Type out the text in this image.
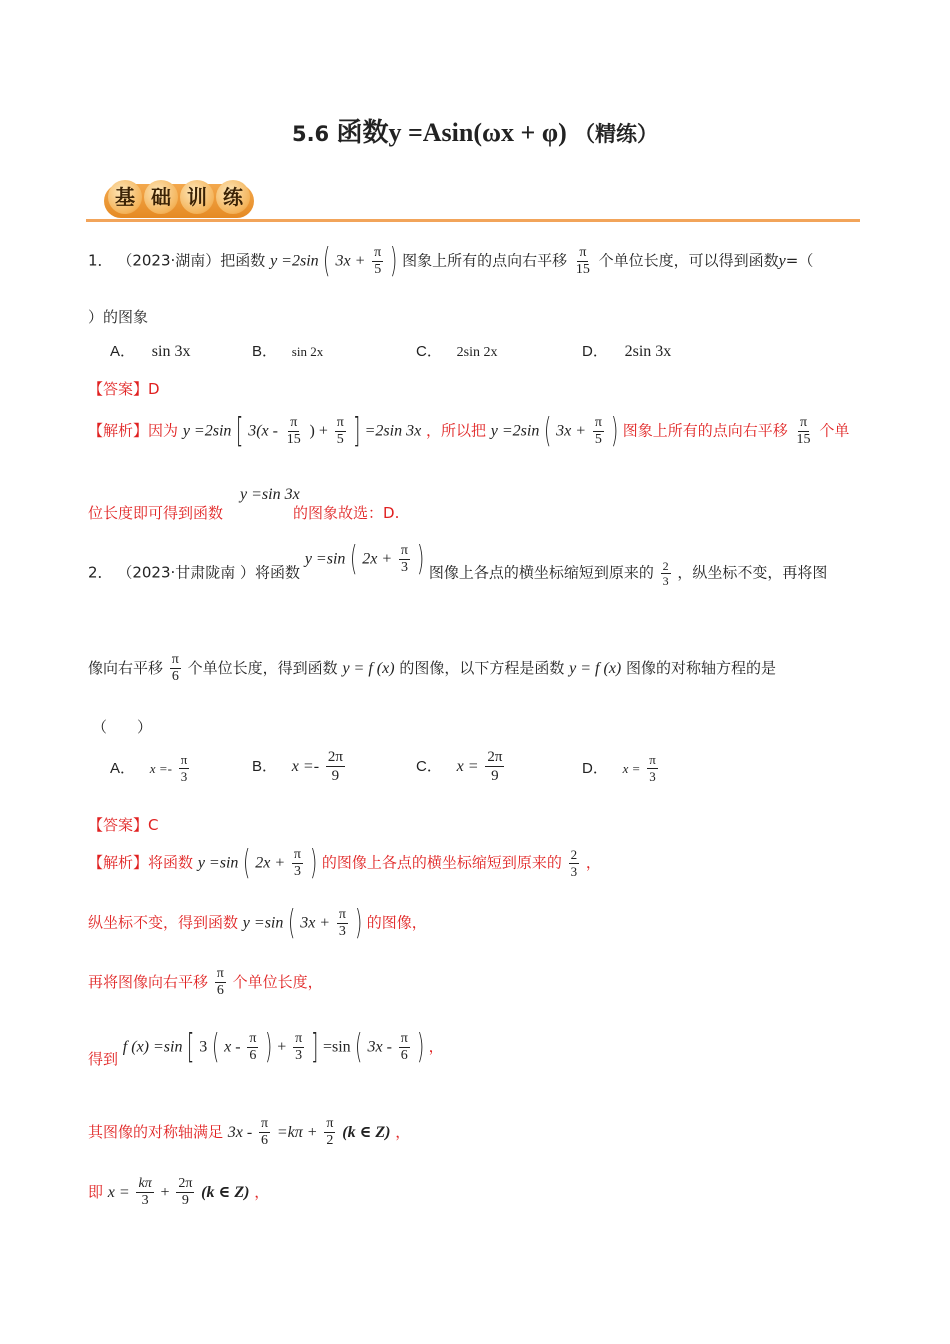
5.6 函数y =Asin(ωx + φ) （精练）
基 础 训 练
1． （2023·湖南）把函数 y =2sin ( $3x + \frac{\pi}{5}$ ) 图象上所有的点向右平移 $\frac{\pi}{15}$ 个单位长度，可以得到函数y=（
）的图象
A． sin 3x	B． sin 2x	C． 2sin 2x	D． 2sin 3x
【答案】D
【解析】因为 y =2sin [ $3(x - \frac{\pi}{15}$ ) + $\frac{\pi}{5}$ ] =2sin 3x ，所以把 y =2sin ( $3x + \frac{\pi}{5}$ ) 图象上所有的点向右平移 $\frac{\pi}{15}$ 个单
y =sin 3x
位长度即可得到函数	的图象故选：D.
2． （2023·甘肃陇南 ）将函数 y =sin ( $2x + \frac{\pi}{3}$ ) 图像上各点的横坐标缩短到原来的 $\frac{2}{3}$ ，纵坐标不变，再将图
像向右平移 $\frac{\pi}{6}$ 个单位长度，得到函数 y = f (x) 的图像，以下方程是函数 y = f (x) 图像的对称轴方程的是
（　　）
A． $x =- \frac{\pi}{3}$	B． $x =- \frac{2\pi}{9}$	C． $x = \frac{2\pi}{9}$	D． $x = \frac{\pi}{3}$
【答案】C
【解析】将函数 y =sin ( $2x + \frac{\pi}{3}$ ) 的图像上各点的横坐标缩短到原来的 $\frac{2}{3}$ ，
纵坐标不变，得到函数 y =sin ( $3x + \frac{\pi}{3}$ ) 的图像，
再将图像向右平移 $\frac{\pi}{6}$ 个单位长度，
得到 f (x) =sin [ 3 ( x - $\frac{\pi}{6}$ ) + $\frac{\pi}{3}$ ] =sin ( $3x - \frac{\pi}{6}$ ) ，
其图像的对称轴满足 $3x - \frac{\pi}{6} =k\pi + \frac{\pi}{2} (k$ ∈ Z) ，
即 $x = \frac{k\pi}{3} + \frac{2\pi}{9} (k$ ∈ Z) ，
